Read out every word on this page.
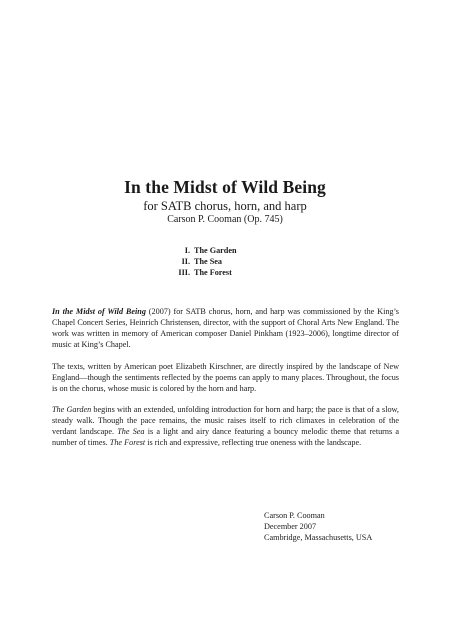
In the Midst of Wild Being
for SATB chorus, horn, and harp
Carson P. Cooman (Op. 745)
I. The Garden
II. The Sea
III. The Forest
In the Midst of Wild Being (2007) for SATB chorus, horn, and harp was commissioned by the King’s Chapel Concert Series, Heinrich Christensen, director, with the support of Choral Arts New England. The work was written in memory of American composer Daniel Pinkham (1923–2006), longtime director of music at King’s Chapel.
The texts, written by American poet Elizabeth Kirschner, are directly inspired by the landscape of New England—though the sentiments reflected by the poems can apply to many places. Throughout, the focus is on the chorus, whose music is colored by the horn and harp.
The Garden begins with an extended, unfolding introduction for horn and harp; the pace is that of a slow, steady walk. Though the pace remains, the music raises itself to rich climaxes in celebration of the verdant landscape. The Sea is a light and airy dance featuring a bouncy melodic theme that returns a number of times. The Forest is rich and expressive, reflecting true oneness with the landscape.
Carson P. Cooman
December 2007
Cambridge, Massachusetts, USA
